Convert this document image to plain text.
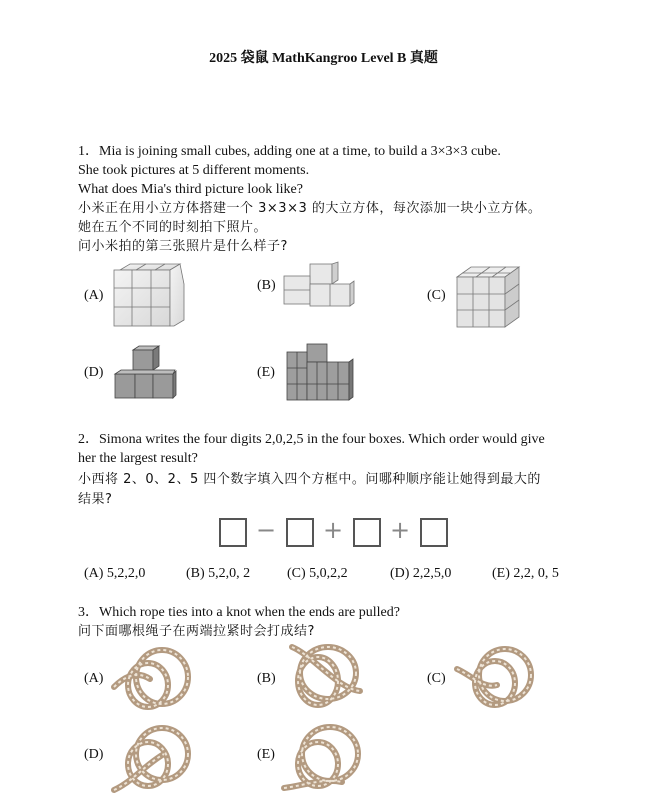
2025 袋鼠 MathKangroo Level B 真题
1．Mia is joining small cubes, adding one at a time, to build a 3×3×3 cube.
She took pictures at 5 different moments.
What does Mia's third picture look like?
小米正在用小立方体搭建一个 3×3×3 的大立方体，每次添加一块小立方体。
她在五个不同的时刻拍下照片。
问小米拍的第三张照片是什么样子?
(A)
(B)
(C)
(D)	(E)
2．Simona writes the four digits 2,0,2,5 in the four boxes. Which order would give
her the largest result?
小西将 2、0、2、5 四个数字填入四个方框中。问哪种顺序能让她得到最大的
结果?
− + +
(A) 5,2,2,0	(B) 5,2,0, 2	(C) 5,0,2,2	(D) 2,2,5,0	(E) 2,2, 0, 5
3．Which rope ties into a knot when the ends are pulled?
问下面哪根绳子在两端拉紧时会打成结?
(A)	(B)	(C)
(D)	(E)
